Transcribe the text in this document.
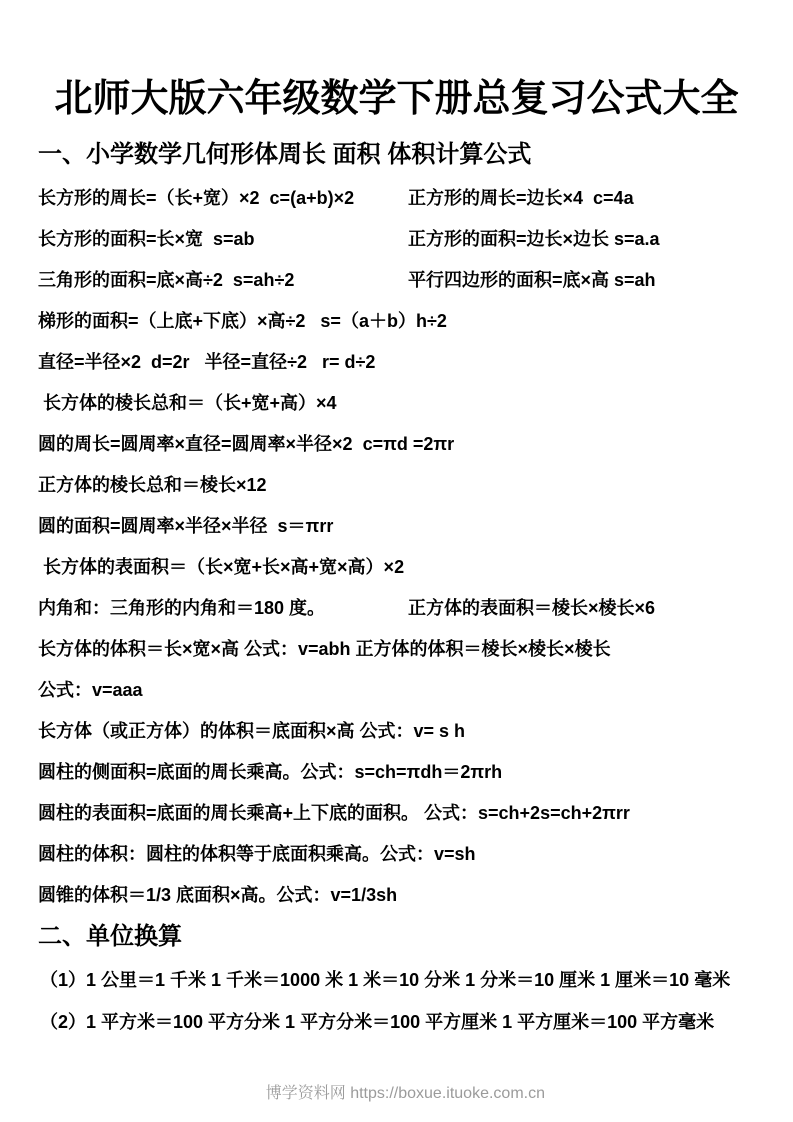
北师大版六年级数学下册总复习公式大全
一、小学数学几何形体周长 面积 体积计算公式
长方形的周长=（长+宽）×2  c=(a+b)×2	正方形的周长=边长×4  c=4a
长方形的面积=长×宽  s=ab	正方形的面积=边长×边长 s=a.a
三角形的面积=底×高÷2  s=ah÷2	平行四边形的面积=底×高 s=ah
梯形的面积=（上底+下底）×高÷2   s=（a＋b）h÷2
直径=半径×2  d=2r   半径=直径÷2   r= d÷2
长方体的棱长总和＝（长+宽+高）×4
圆的周长=圆周率×直径=圆周率×半径×2  c=πd =2πr
正方体的棱长总和＝棱长×12
圆的面积=圆周率×半径×半径  s＝πrr
长方体的表面积＝（长×宽+长×高+宽×高）×2
内角和：三角形的内角和＝180 度。	正方体的表面积＝棱长×棱长×6
长方体的体积＝长×宽×高 公式：v=abh 正方体的体积＝棱长×棱长×棱长
公式：v=aaa
长方体（或正方体）的体积＝底面积×高 公式：v= s h
圆柱的侧面积=底面的周长乘高。公式：s=ch=πdh＝2πrh
圆柱的表面积=底面的周长乘高+上下底的面积。 公式：s=ch+2s=ch+2πrr
圆柱的体积：圆柱的体积等于底面积乘高。公式：v=sh
圆锥的体积＝1/3 底面积×高。公式：v=1/3sh
二、单位换算
（1）1 公里＝1 千米 1 千米＝1000 米 1 米＝10 分米 1 分米＝10 厘米 1 厘米＝10 毫米
（2）1 平方米＝100 平方分米 1 平方分米＝100 平方厘米 1 平方厘米＝100 平方毫米

博学资料网 https://boxue.ituoke.com.cn
